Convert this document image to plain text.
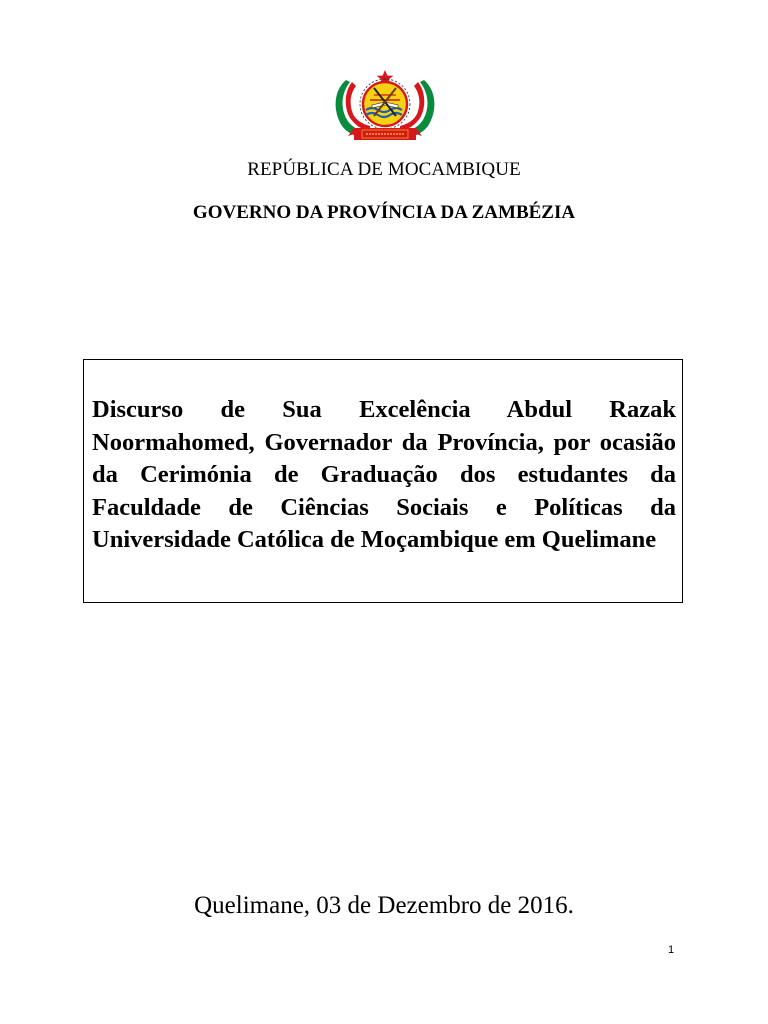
REPÚBLICA DE MOCAMBIQUE
GOVERNO DA PROVÍNCIA DA ZAMBÉZIA

Discurso de Sua Excelência Abdul Razak Noormahomed, Governador da Província, por ocasião da Cerimónia de Graduação dos estudantes da Faculdade de Ciências Sociais e Políticas da Universidade Católica de Moçambique em Quelimane

Quelimane, 03 de Dezembro de 2016.
1
